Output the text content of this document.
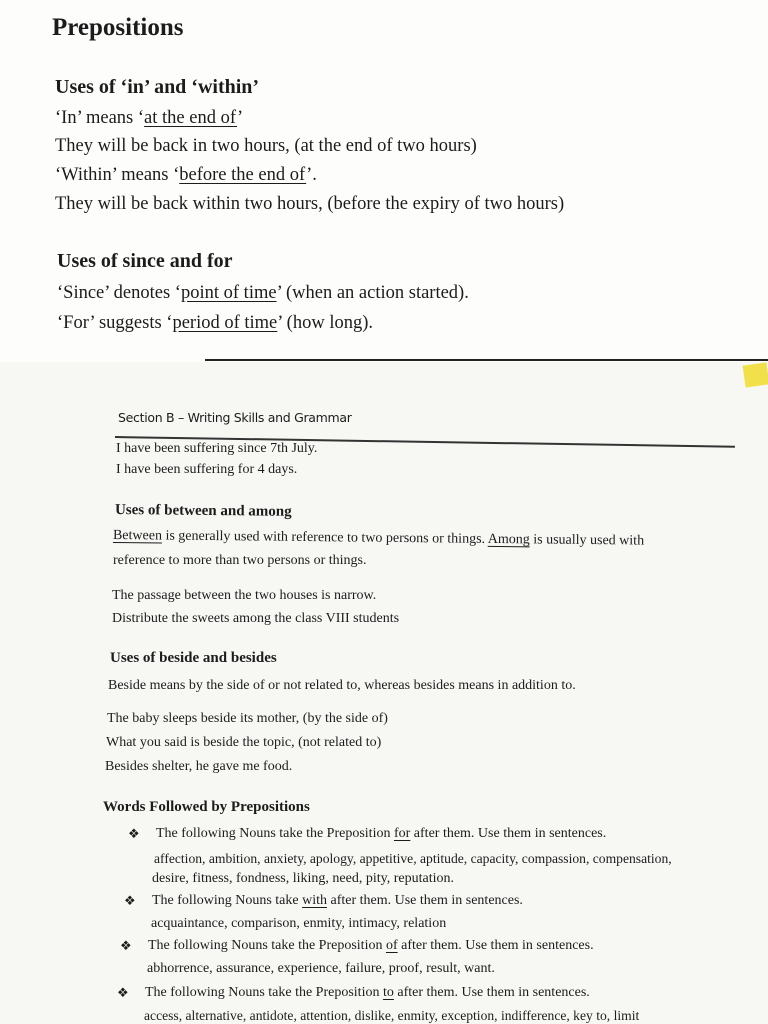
Prepositions
Uses of ‘in’ and ‘within’
‘In’ means ‘at the end of’
They will be back in two hours, (at the end of two hours)
‘Within’ means ‘before the end of’.
They will be back within two hours, (before the expiry of two hours)
Uses of since and for
‘Since’ denotes ‘point of time’ (when an action started).
‘For’ suggests ‘period of time’ (how long).
Section B – Writing Skills and Grammar
I have been suffering since 7th July.
I have been suffering for 4 days.
Uses of between and among
Between is generally used with reference to two persons or things. Among is usually used with
reference to more than two persons or things.
The passage between the two houses is narrow.
Distribute the sweets among the class VIII students
Uses of beside and besides
Beside means by the side of or not related to, whereas besides means in addition to.
The baby sleeps beside its mother, (by the side of)
What you said is beside the topic, (not related to)
Besides shelter, he gave me food.
Words Followed by Prepositions
❖ The following Nouns take the Preposition for after them. Use them in sentences.
affection, ambition, anxiety, apology, appetitive, aptitude, capacity, compassion, compensation,
desire, fitness, fondness, liking, need, pity, reputation.
❖ The following Nouns take with after them. Use them in sentences.
acquaintance, comparison, enmity, intimacy, relation
❖ The following Nouns take the Preposition of after them. Use them in sentences.
abhorrence, assurance, experience, failure, proof, result, want.
❖ The following Nouns take the Preposition to after them. Use them in sentences.
access, alternative, antidote, attention, dislike, enmity, exception, indifference, key to, limit
